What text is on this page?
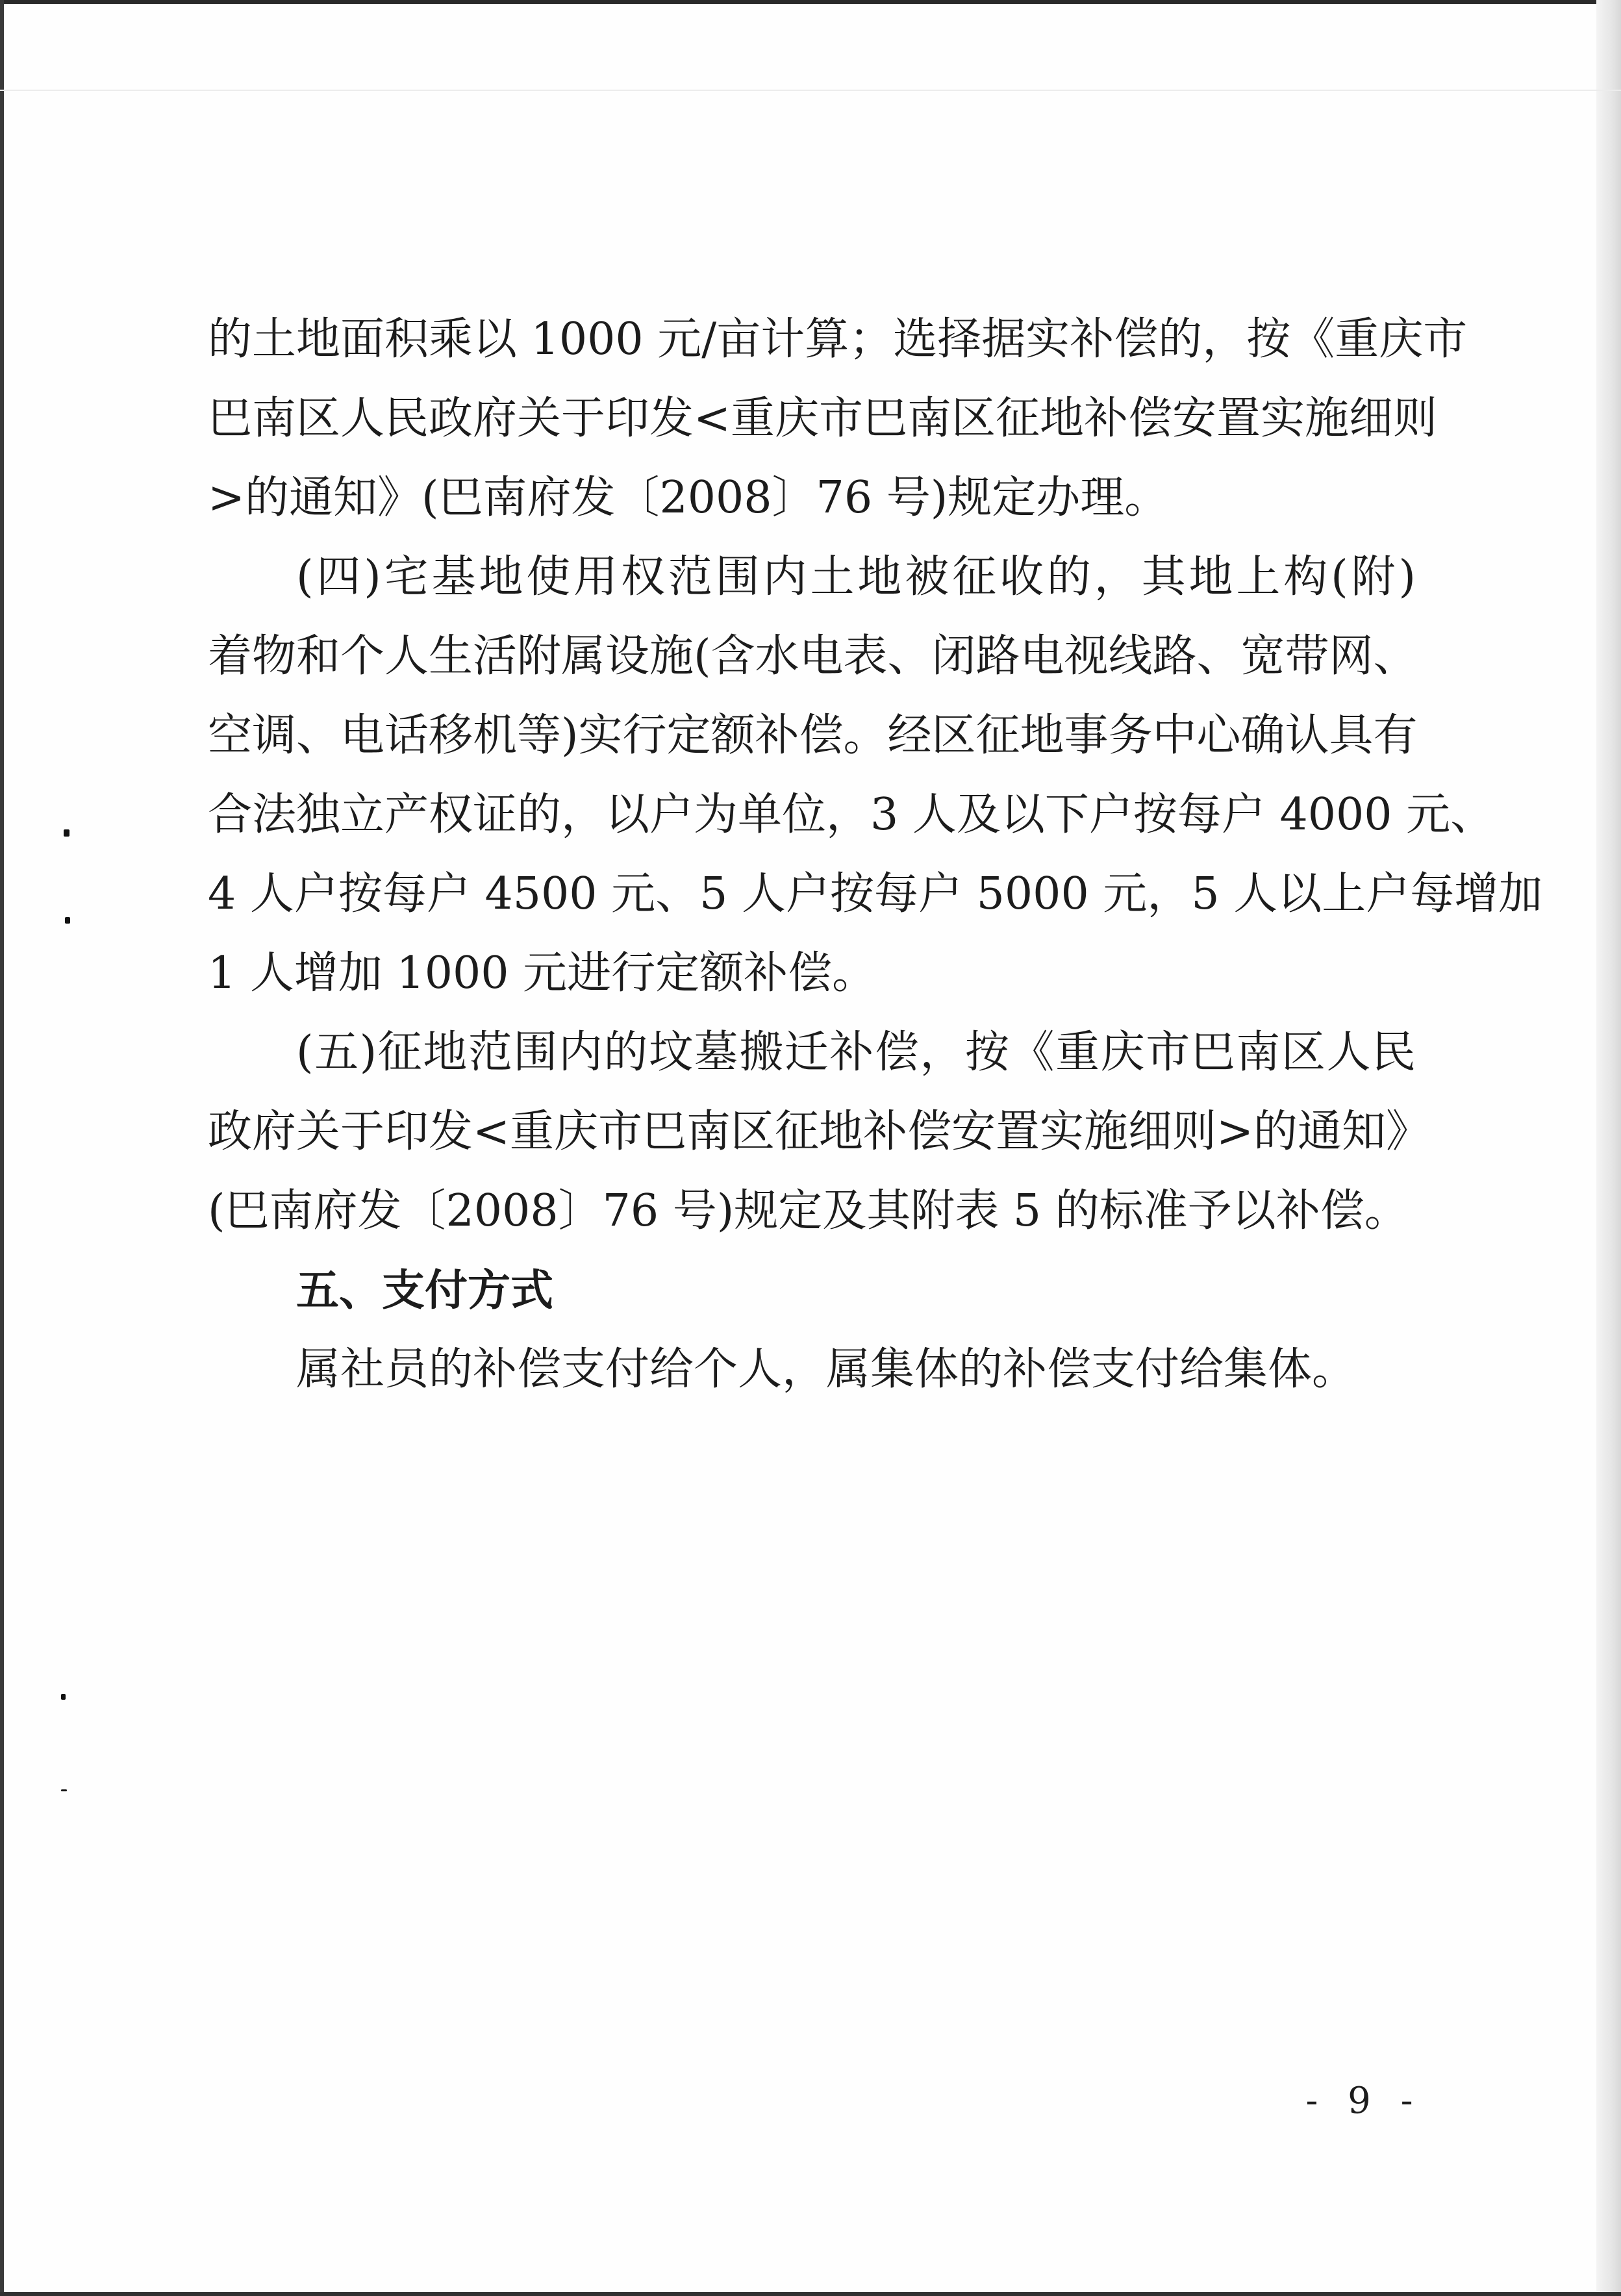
的土地面积乘以 1000 元/亩计算；选择据实补偿的，按《重庆市
巴南区人民政府关于印发<重庆市巴南区征地补偿安置实施细则
>的通知》(巴南府发〔2008〕76 号)规定办理。
(四)宅基地使用权范围内土地被征收的，其地上构(附)
着物和个人生活附属设施(含水电表、闭路电视线路、宽带网、
空调、电话移机等)实行定额补偿。经区征地事务中心确认具有
合法独立产权证的，以户为单位，3 人及以下户按每户 4000 元、
4 人户按每户 4500 元、5 人户按每户 5000 元，5 人以上户每增加
1 人增加 1000 元进行定额补偿。
(五)征地范围内的坟墓搬迁补偿，按《重庆市巴南区人民
政府关于印发<重庆市巴南区征地补偿安置实施细则>的通知》
(巴南府发〔2008〕76 号)规定及其附表 5 的标准予以补偿。
五、支付方式
属社员的补偿支付给个人，属集体的补偿支付给集体。
- 9 -
